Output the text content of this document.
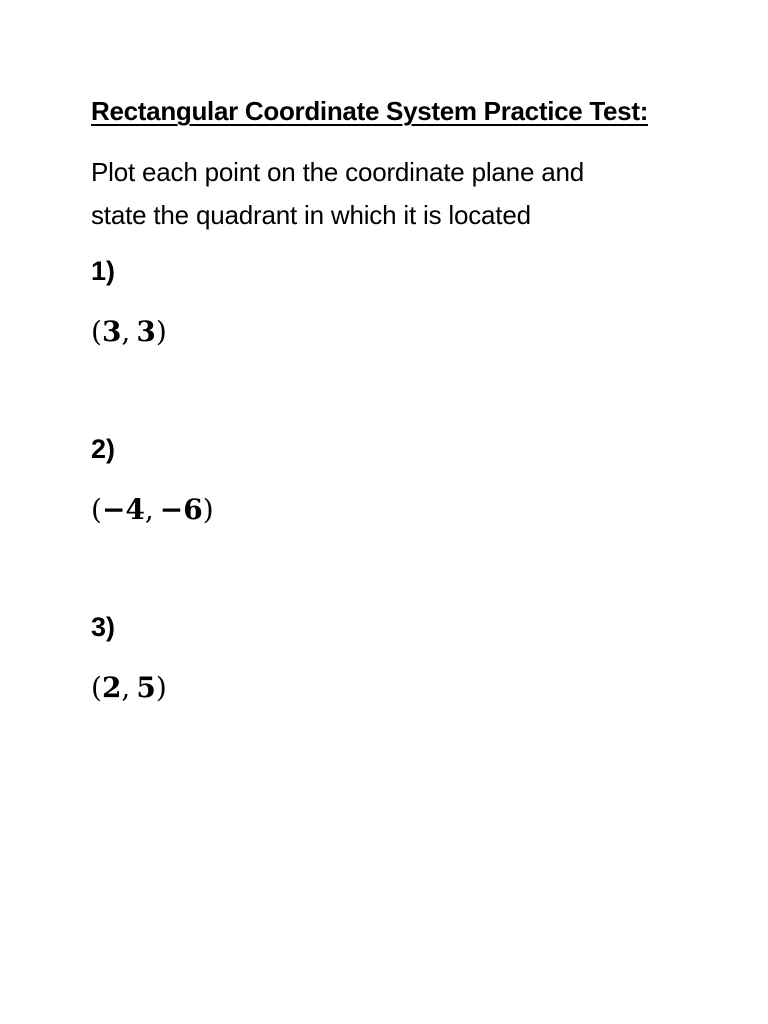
Rectangular Coordinate System Practice Test:
Plot each point on the coordinate plane and
state the quadrant in which it is located
1)
(3, 3)
2)
(−4, −6)
3)
(2, 5)
